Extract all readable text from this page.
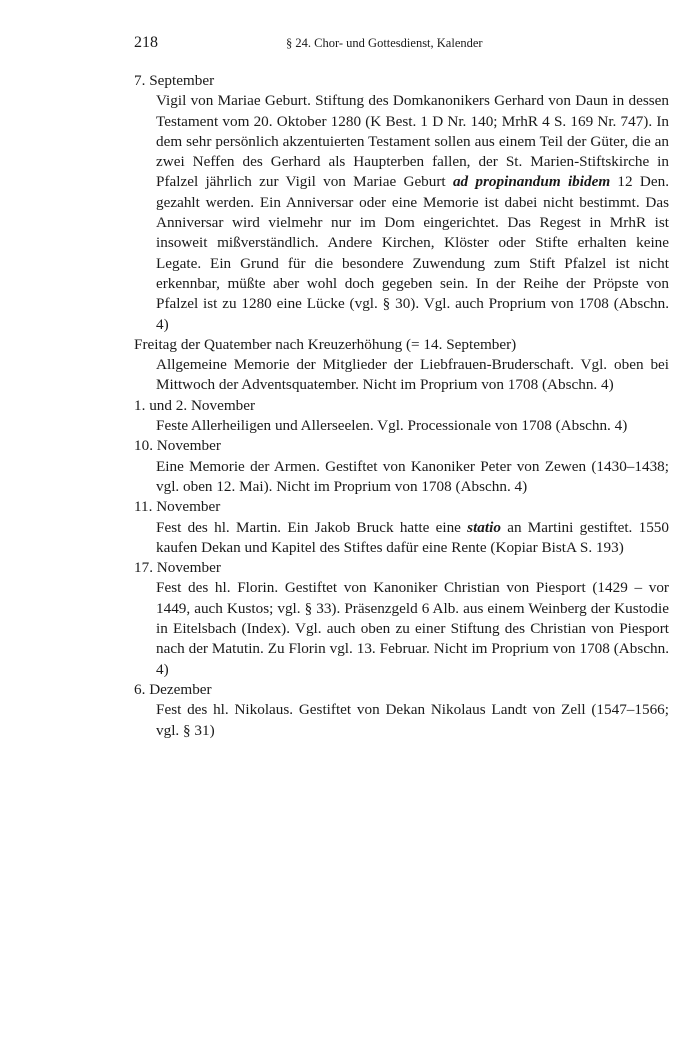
218	§ 24. Chor- und Gottesdienst, Kalender

7. September

Vigil von Mariae Geburt. Stiftung des Domkanonikers Gerhard von Daun in dessen Testament vom 20. Oktober 1280 (K Best. 1 D Nr. 140; MrhR 4 S. 169 Nr. 747). In dem sehr persönlich akzentuierten Testament sollen aus einem Teil der Güter, die an zwei Neffen des Gerhard als Haupterben fallen, der St. Marien-Stiftskirche in Pfalzel jährlich zur Vigil von Mariae Geburt ad propinandum ibidem 12 Den. gezahlt werden. Ein Anniversar oder eine Memorie ist dabei nicht bestimmt. Das Anniversar wird vielmehr nur im Dom eingerichtet. Das Regest in MrhR ist insoweit mißverständlich. Andere Kirchen, Klöster oder Stifte erhalten keine Legate. Ein Grund für die besondere Zuwendung zum Stift Pfalzel ist nicht erkennbar, müßte aber wohl doch gegeben sein. In der Reihe der Pröpste von Pfalzel ist zu 1280 eine Lücke (vgl. § 30). Vgl. auch Proprium von 1708 (Abschn. 4)

Freitag der Quatember nach Kreuzerhöhung (= 14. September)

Allgemeine Memorie der Mitglieder der Liebfrauen-Bruderschaft. Vgl. oben bei Mittwoch der Adventsquatember. Nicht im Proprium von 1708 (Abschn. 4)

1. und 2. November

Feste Allerheiligen und Allerseelen. Vgl. Processionale von 1708 (Abschn. 4)

10. November

Eine Memorie der Armen. Gestiftet von Kanoniker Peter von Zewen (1430–1438; vgl. oben 12. Mai). Nicht im Proprium von 1708 (Abschn. 4)

11. November

Fest des hl. Martin. Ein Jakob Bruck hatte eine statio an Martini gestiftet. 1550 kaufen Dekan und Kapitel des Stiftes dafür eine Rente (Kopiar BistA S. 193)

17. November

Fest des hl. Florin. Gestiftet von Kanoniker Christian von Piesport (1429 – vor 1449, auch Kustos; vgl. § 33). Präsenzgeld 6 Alb. aus einem Weinberg der Kustodie in Eitelsbach (Index). Vgl. auch oben zu einer Stiftung des Christian von Piesport nach der Matutin. Zu Florin vgl. 13. Februar. Nicht im Proprium von 1708 (Abschn. 4)

6. Dezember

Fest des hl. Nikolaus. Gestiftet von Dekan Nikolaus Landt von Zell (1547–1566; vgl. § 31)
